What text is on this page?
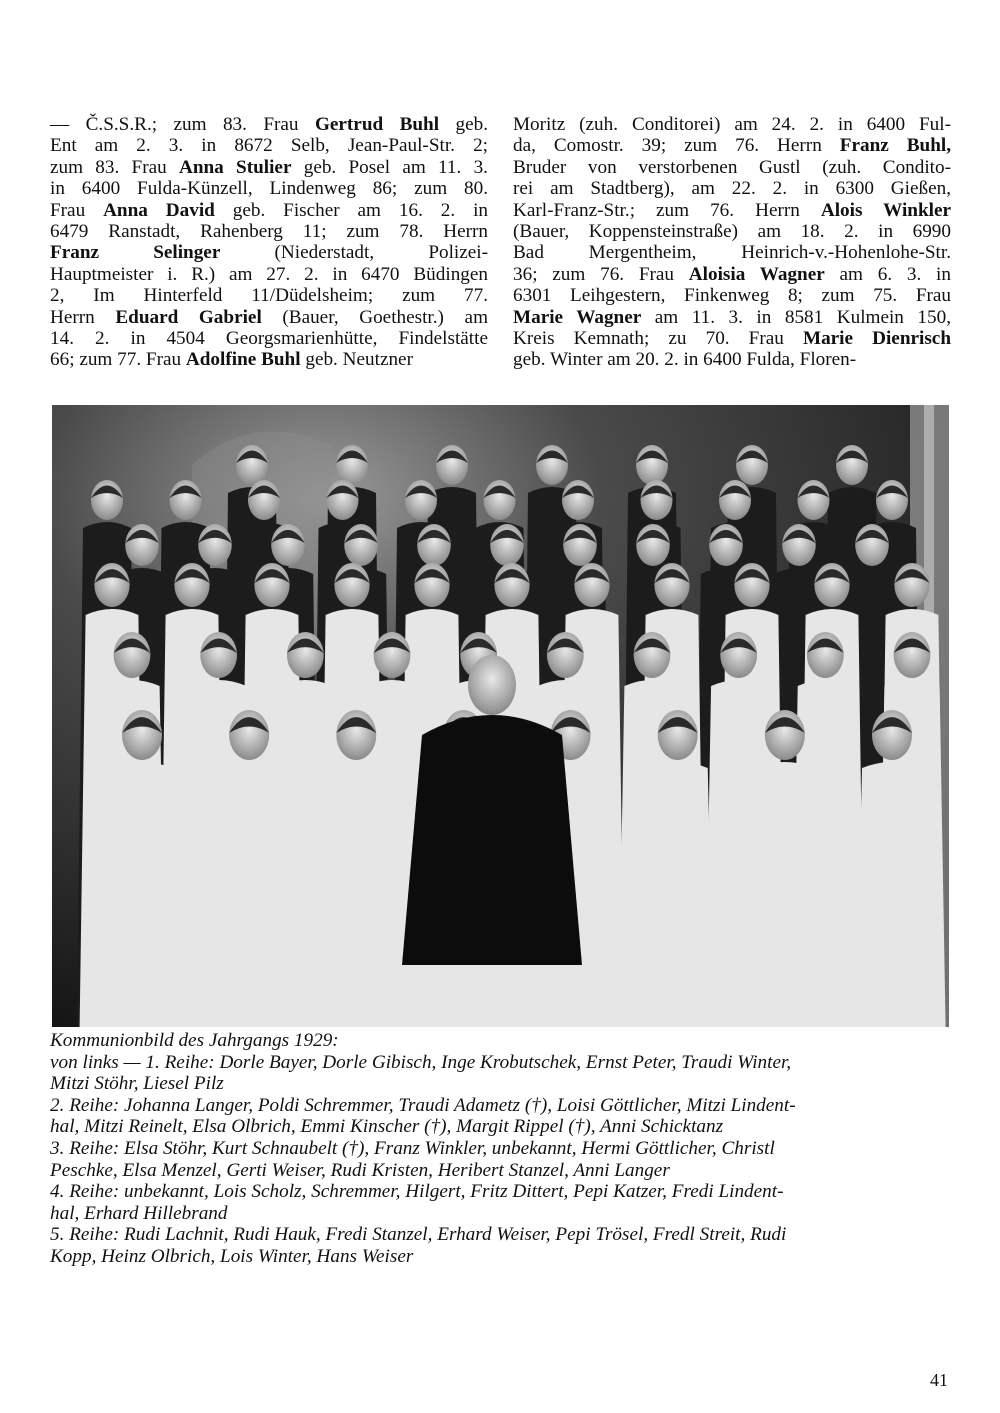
— Č.S.S.R.; zum 83. Frau Gertrud Buhl geb.
Ent am 2. 3. in 8672 Selb, Jean-Paul-Str. 2;
zum 83. Frau Anna Stulier geb. Posel am 11. 3.
in 6400 Fulda-Künzell, Lindenweg 86; zum 80.
Frau Anna David geb. Fischer am 16. 2. in
6479 Ranstadt, Rahenberg 11; zum 78. Herrn
Franz Selinger (Niederstadt, Polizei-
Hauptmeister i. R.) am 27. 2. in 6470 Büdingen
2, Im Hinterfeld 11/Düdelsheim; zum 77.
Herrn Eduard Gabriel (Bauer, Goethestr.) am
14. 2. in 4504 Georgsmarienhütte, Findelstätte
66; zum 77. Frau Adolfine Buhl geb. Neutzner
Moritz (zuh. Conditorei) am 24. 2. in 6400 Ful-
da, Comostr. 39; zum 76. Herrn Franz Buhl,
Bruder von verstorbenen Gustl (zuh. Condito-
rei am Stadtberg), am 22. 2. in 6300 Gießen,
Karl-Franz-Str.; zum 76. Herrn Alois Winkler
(Bauer, Koppensteinstraße) am 18. 2. in 6990
Bad Mergentheim, Heinrich-v.-Hohenlohe-Str.
36; zum 76. Frau Aloisia Wagner am 6. 3. in
6301 Leihgestern, Finkenweg 8; zum 75. Frau
Marie Wagner am 11. 3. in 8581 Kulmein 150,
Kreis Kemnath; zu 70. Frau Marie Dienrisch
geb. Winter am 20. 2. in 6400 Fulda, Floren-
Kommunionbild des Jahrgangs 1929:
von links — 1. Reihe: Dorle Bayer, Dorle Gibisch, Inge Krobutschek, Ernst Peter, Traudi Winter,
Mitzi Stöhr, Liesel Pilz
2. Reihe: Johanna Langer, Poldi Schremmer, Traudi Adametz (†), Loisi Göttlicher, Mitzi Lindent-
hal, Mitzi Reinelt, Elsa Olbrich, Emmi Kinscher (†), Margit Rippel (†), Anni Schicktanz
3. Reihe: Elsa Stöhr, Kurt Schnaubelt (†), Franz Winkler, unbekannt, Hermi Göttlicher, Christl
Peschke, Elsa Menzel, Gerti Weiser, Rudi Kristen, Heribert Stanzel, Anni Langer
4. Reihe: unbekannt, Lois Scholz, Schremmer, Hilgert, Fritz Dittert, Pepi Katzer, Fredi Lindent-
hal, Erhard Hillebrand
5. Reihe: Rudi Lachnit, Rudi Hauk, Fredi Stanzel, Erhard Weiser, Pepi Trösel, Fredl Streit, Rudi
Kopp, Heinz Olbrich, Lois Winter, Hans Weiser
41
